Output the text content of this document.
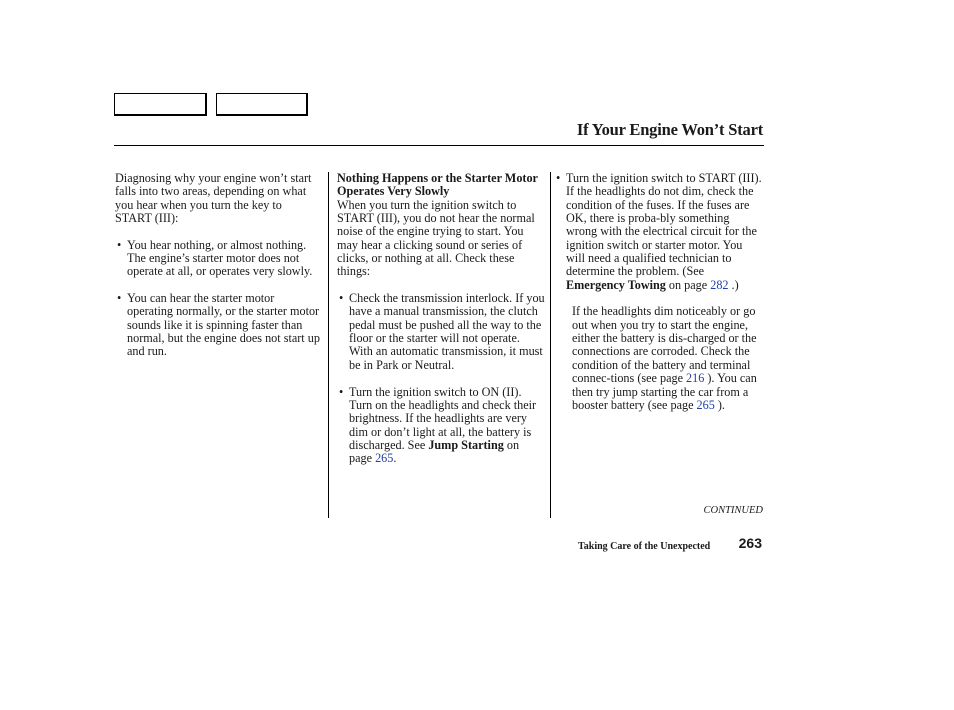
If Your Engine Won’t Start

Diagnosing why your engine won’t start falls into two areas, depending on what you hear when you turn the key to START (III):

• You hear nothing, or almost nothing. The engine’s starter motor does not operate at all, or operates very slowly.

• You can hear the starter motor operating normally, or the starter motor sounds like it is spinning faster than normal, but the engine does not start up and run.

Nothing Happens or the Starter Motor Operates Very Slowly

When you turn the ignition switch to START (III), you do not hear the normal noise of the engine trying to start. You may hear a clicking sound or series of clicks, or nothing at all. Check these things:

• Check the transmission interlock. If you have a manual transmission, the clutch pedal must be pushed all the way to the floor or the starter will not operate. With an automatic transmission, it must be in Park or Neutral.

• Turn the ignition switch to ON (II). Turn on the headlights and check their brightness. If the headlights are very dim or don’t light at all, the battery is discharged. See Jump Starting on page 265.

• Turn the ignition switch to START (III). If the headlights do not dim, check the condition of the fuses. If the fuses are OK, there is proba-bly something wrong with the electrical circuit for the ignition switch or starter motor. You will need a qualified technician to determine the problem. (See Emergency Towing on page 282 .)

If the headlights dim noticeably or go out when you try to start the engine, either the battery is dis-charged or the connections are corroded. Check the condition of the battery and terminal connec-tions (see page 216 ). You can then try jump starting the car from a booster battery (see page 265 ).

CONTINUED
Taking Care of the Unexpected 263
